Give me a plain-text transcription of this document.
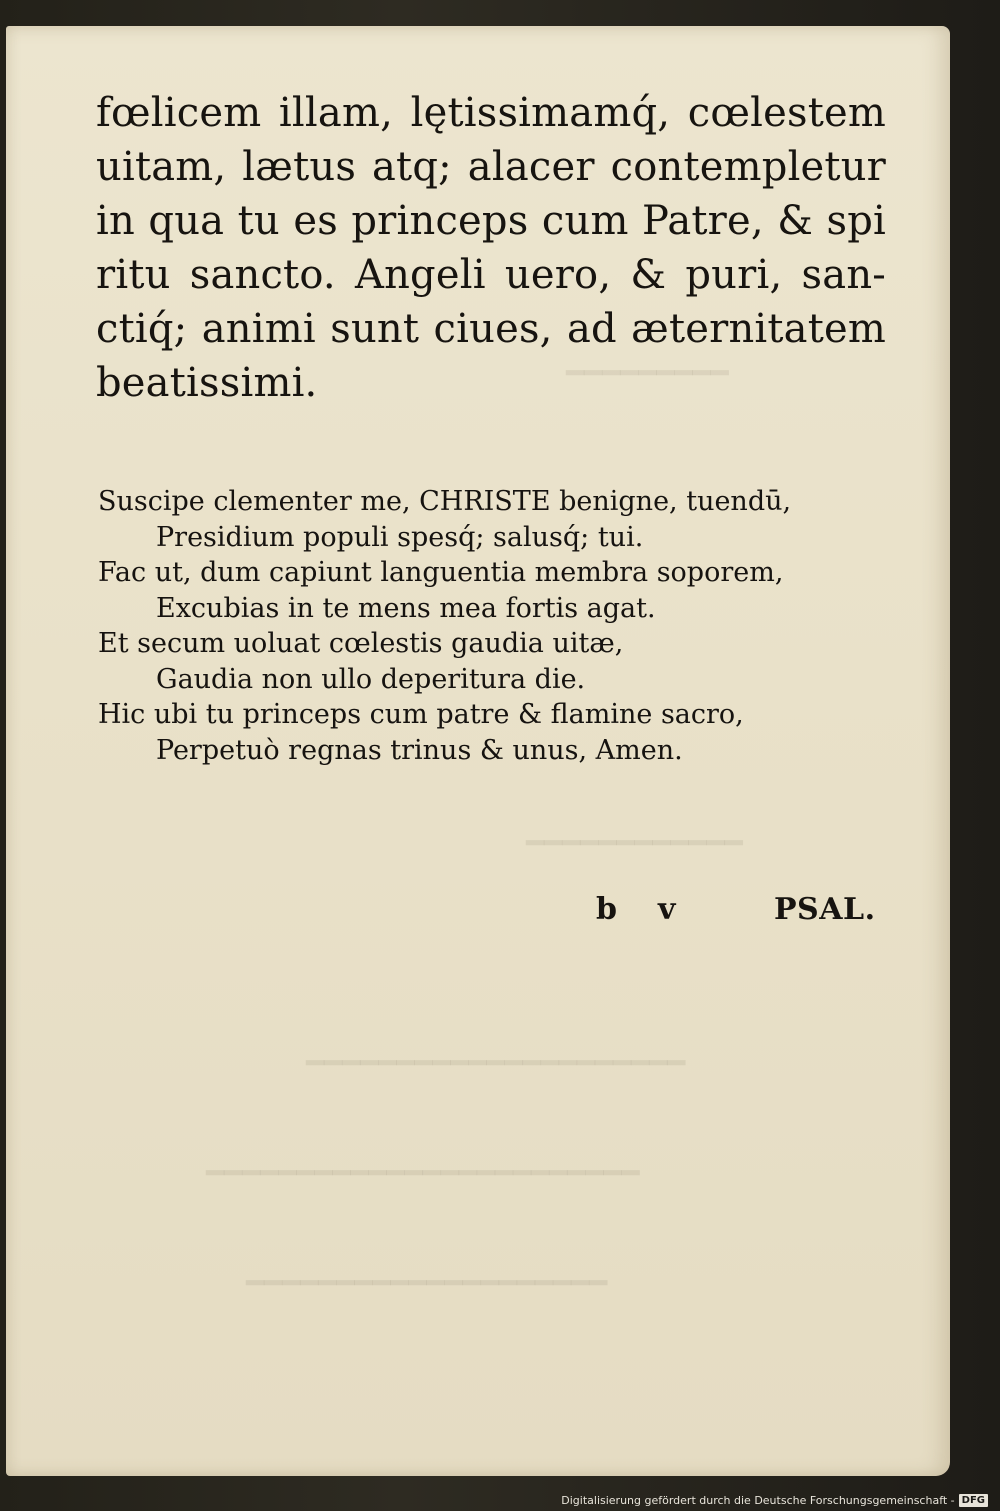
━━━━━━━━━
━━━━━━━━━━━━
━━━━━━━━━━━━━━━━━━━━━
━━━━━━━━━━━━━━━━━━━━━━━━
━━━━━━━━━━━━━━━━━━━━
fœlicem illam, lętissimamq́, cœlestem
uitam, lætus atq; alacer contempletur
in qua tu es princeps cum Patre, & spi
ritu sancto. Angeli uero, & puri, san-
ctiq́; animi sunt ciues, ad æternitatem
beatissimi.
Suscipe clementer me, CHRISTE benigne, tuendū,
Presidium populi spesq́; salusq́; tui.
Fac ut, dum capiunt languentia membra soporem,
Excubias in te mens mea fortis agat.
Et secum uoluat cœlestis gaudia uitæ,
Gaudia non ullo deperitura die.
Hic ubi tu princeps cum patre & flamine sacro,
Perpetuò regnas trinus & unus, Amen.
b v	PSAL.
Digitalisierung gefördert durch die Deutsche Forschungsgemeinschaft - DFG
